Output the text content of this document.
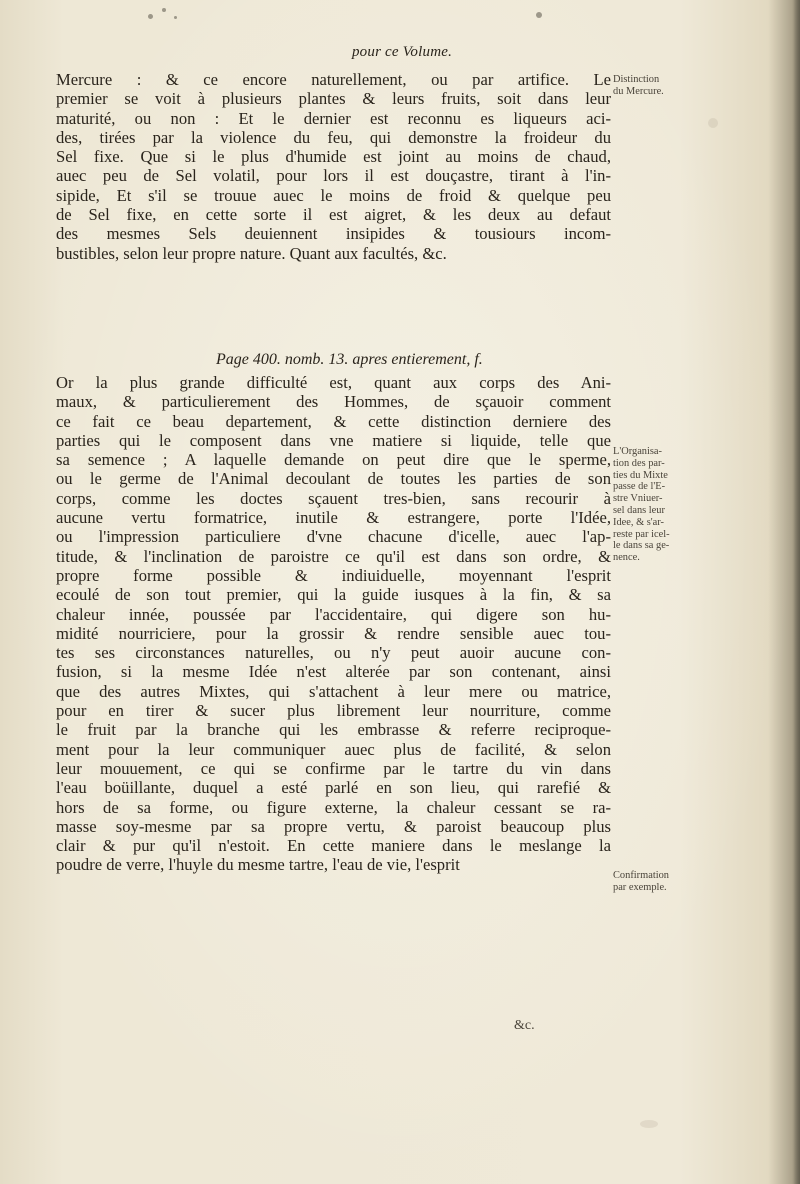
pour ce Volume.
Mercure : & ce encore naturellement, ou par artifice. Le
premier se voit à plusieurs plantes & leurs fruits, soit dans leur
maturité, ou non : Et le dernier est reconnu es liqueurs aci-
des, tirées par la violence du feu, qui demonstre la froideur du
Sel fixe. Que si le plus d'humide est joint au moins de chaud,
auec peu de Sel volatil, pour lors il est douçastre, tirant à l'in-
sipide, Et s'il se trouue auec le moins de froid & quelque peu
de Sel fixe, en cette sorte il est aigret, & les deux au defaut
des mesmes Sels deuiennent insipides & tousiours incom-
bustibles, selon leur propre nature. Quant aux facultés, &c.
Page 400. nomb. 13. apres entierement, f.
Or la plus grande difficulté est, quant aux corps des Ani-
maux, & particulierement des Hommes, de sçauoir comment
ce fait ce beau departement, & cette distinction derniere des
parties qui le composent dans vne matiere si liquide, telle que
sa semence ; A laquelle demande on peut dire que le sperme,
ou le germe de l'Animal decoulant de toutes les parties de son
corps, comme les doctes sçauent tres-bien, sans recourir à
aucune vertu formatrice, inutile & estrangere, porte l'Idée,
ou l'impression particuliere d'vne chacune d'icelle, auec l'ap-
titude, & l'inclination de paroistre ce qu'il est dans son ordre, &
propre forme possible & indiuiduelle, moyennant l'esprit
ecoulé de son tout premier, qui la guide iusques à la fin, & sa
chaleur innée, poussée par l'accidentaire, qui digere son hu-
midité nourriciere, pour la grossir & rendre sensible auec tou-
tes ses circonstances naturelles, ou n'y peut auoir aucune con-
fusion, si la mesme Idée n'est alterée par son contenant, ainsi
que des autres Mixtes, qui s'attachent à leur mere ou matrice,
pour en tirer & sucer plus librement leur nourriture, comme
le fruit par la branche qui les embrasse & referre reciproque-
ment pour la leur communiquer auec plus de facilité, & selon
leur mouuement, ce qui se confirme par le tartre du vin dans
l'eau boüillante, duquel a esté parlé en son lieu, qui rarefié &
hors de sa forme, ou figure externe, la chaleur cessant se ra-
masse soy-mesme par sa propre vertu, & paroist beaucoup plus
clair & pur qu'il n'estoit. En cette maniere dans le meslange la
poudre de verre, l'huyle du mesme tartre, l'eau de vie, l'esprit
Distinction
du Mercure.
L'Organisa-
tion des par-
ties du Mixte
passe de l'E-
stre Vniuer-
sel dans leur
Idee, & s'ar-
reste par icel-
le dans sa ge-
nence.
Confirmation
par exemple.
&c.
